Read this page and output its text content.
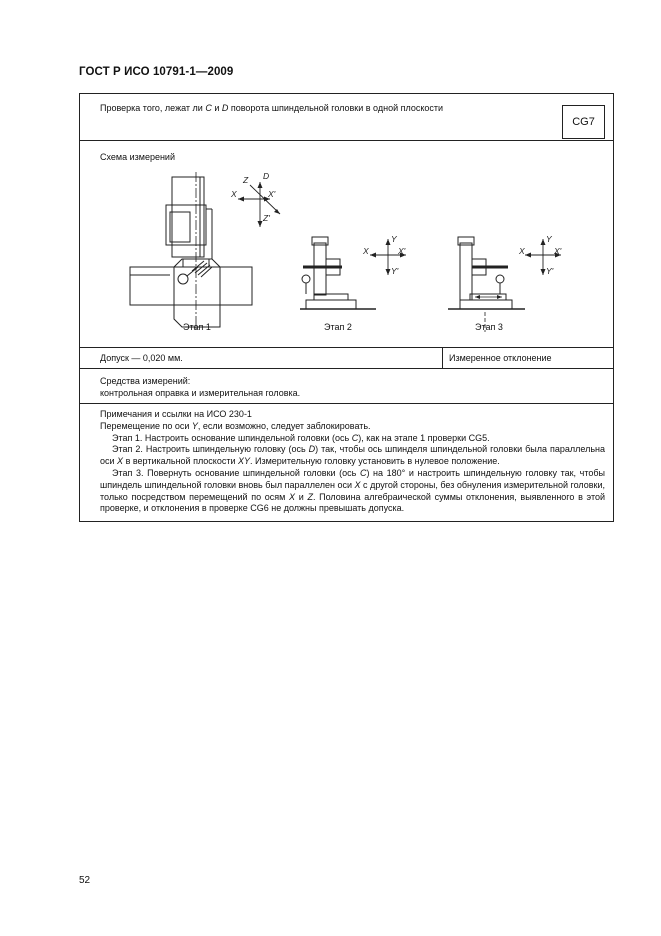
ГОСТ Р ИСО 10791-1—2009
Проверка того, лежат ли C и D поворота шпиндельной головки в одной плоскости
CG7
Схема измерений
Z D
X	X'
Z'
Y
X	X'
Y'
Y
X	X'
Y'
Этап 1	Этап 2	Этап 3
Допуск — 0,020 мм.	Измеренное отклонение
Средства измерений:
контрольная оправка и измерительная головка.

Примечания и ссылки на ИСО 230-1

Перемещение по оси Y, если возможно, следует заблокировать.

Этап 1. Настроить основание шпиндельной головки (ось C), как на этапе 1 проверки CG5.

Этап 2. Настроить шпиндельную головку (ось D) так, чтобы ось шпинделя шпиндельной головки была параллельна оси X в вертикальной плоскости XY. Измерительную головку установить в нулевое положение.

Этап 3. Повернуть основание шпиндельной головки (ось C) на 180° и настроить шпиндельную головку так, чтобы шпиндель шпиндельной головки вновь был параллелен оси X с другой стороны, без обнуления измерительной головки, только посредством перемещений по осям X и Z. Половина алгебраической суммы отклонения, выявленного в этой проверке, и отклонения в проверке CG6 не должны превышать допуска.

52
